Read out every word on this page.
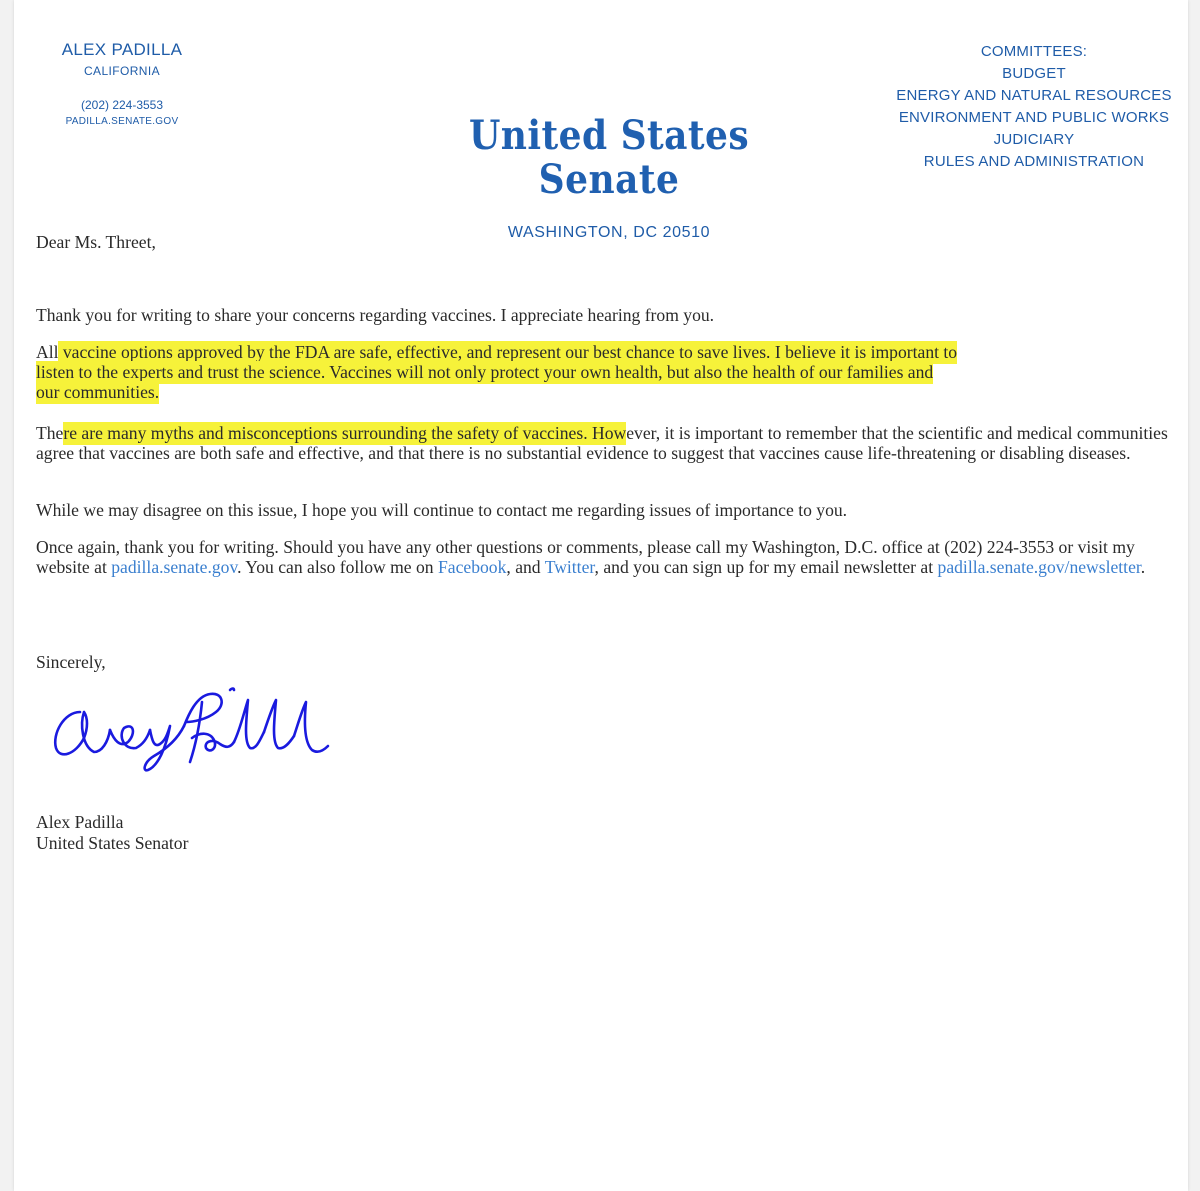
ALEX PADILLA
CALIFORNIA
(202) 224-3553
PADILLA.SENATE.GOV	United States Senate
WASHINGTON, DC 20510
COMMITTEES:
BUDGET
ENERGY AND NATURAL RESOURCES
ENVIRONMENT AND PUBLIC WORKS
JUDICIARY
RULES AND ADMINISTRATION
Dear Ms. Threet,
Thank you for writing to share your concerns regarding vaccines. I appreciate hearing from you.
All vaccine options approved by the FDA are safe, effective, and represent our best chance to save lives. I believe it is important to
listen to the experts and trust the science. Vaccines will not only protect your own health, but also the health of our families and
our communities.
There are many myths and misconceptions surrounding the safety of vaccines. However, it is important to remember that the scientific and medical communities agree that vaccines are both safe and effective, and that there is no substantial evidence to suggest that vaccines cause life-threatening or disabling diseases.
While we may disagree on this issue, I hope you will continue to contact me regarding issues of importance to you.
Once again, thank you for writing. Should you have any other questions or comments, please call my Washington, D.C. office at (202) 224-3553 or visit my website at padilla.senate.gov. You can also follow me on Facebook, and Twitter, and you can sign up for my email newsletter at padilla.senate.gov/newsletter.
Sincerely,
Alex Padilla
United States Senator
